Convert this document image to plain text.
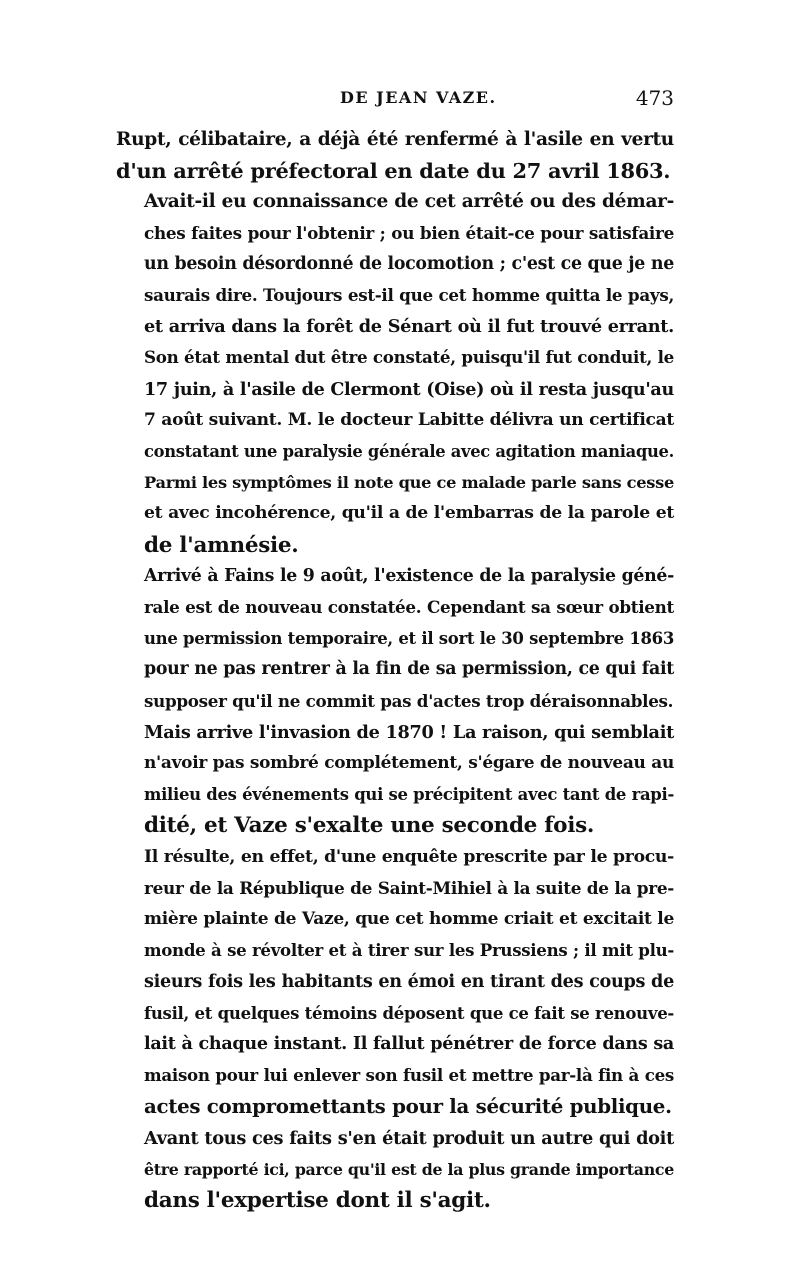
DE JEAN VAZE.	473

Rupt, célibataire, a déjà été renfermé à l'asile en vertu
d'un arrêté préfectoral en date du 27 avril 1863.

Avait-il eu connaissance de cet arrêté ou des démar-
ches faites pour l'obtenir ; ou bien était-ce pour satisfaire
un besoin désordonné de locomotion ; c'est ce que je ne
saurais dire. Toujours est-il que cet homme quitta le pays,
et arriva dans la forêt de Sénart où il fut trouvé errant.
Son état mental dut être constaté, puisqu'il fut conduit, le
17 juin, à l'asile de Clermont (Oise) où il resta jusqu'au
7 août suivant. M. le docteur Labitte délivra un certificat
constatant une paralysie générale avec agitation maniaque.
Parmi les symptômes il note que ce malade parle sans cesse
et avec incohérence, qu'il a de l'embarras de la parole et
de l'amnésie.

Arrivé à Fains le 9 août, l'existence de la paralysie géné-
rale est de nouveau constatée. Cependant sa sœur obtient
une permission temporaire, et il sort le 30 septembre 1863
pour ne pas rentrer à la fin de sa permission, ce qui fait
supposer qu'il ne commit pas d'actes trop déraisonnables.

Mais arrive l'invasion de 1870 ! La raison, qui semblait
n'avoir pas sombré complétement, s'égare de nouveau au
milieu des événements qui se précipitent avec tant de rapi-
dité, et Vaze s'exalte une seconde fois.

Il résulte, en effet, d'une enquête prescrite par le procu-
reur de la République de Saint-Mihiel à la suite de la pre-
mière plainte de Vaze, que cet homme criait et excitait le
monde à se révolter et à tirer sur les Prussiens ; il mit plu-
sieurs fois les habitants en émoi en tirant des coups de
fusil, et quelques témoins déposent que ce fait se renouve-
lait à chaque instant. Il fallut pénétrer de force dans sa
maison pour lui enlever son fusil et mettre par-là fin à ces
actes compromettants pour la sécurité publique.

Avant tous ces faits s'en était produit un autre qui doit
être rapporté ici, parce qu'il est de la plus grande importance
dans l'expertise dont il s'agit.
